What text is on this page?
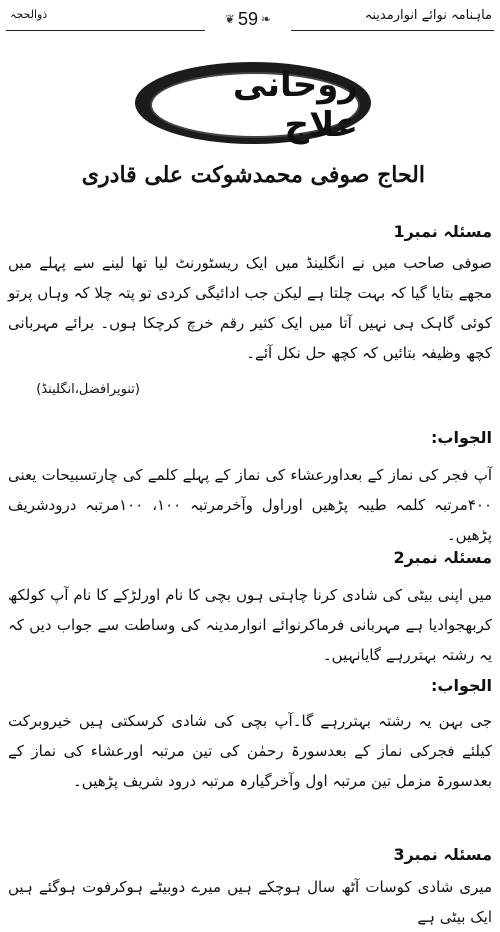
ماہنامہ نوائے انوارمدینہ
ذوالحجہ	❦ 59 ❧
روحانی علاج
الحاج صوفی محمدشوکت علی قادری
مسئلہ نمبر1
صوفی صاحب میں نے انگلینڈ میں ایک ریسٹورنٹ لیا تھا لینے سے پہلے میں مجھے بتایا گیا کہ بہت چلتا ہے لیکن جب ادائیگی کردی تو پتہ چلا کہ وہاں پرتو کوئی گاہک ہی نہیں آتا میں ایک کثیر رقم خرچ کرچکا ہوں۔ برائے مہربانی کچھ وظیفہ بتائیں کہ کچھ حل نکل آئے۔
(تنویرافضل،انگلینڈ)
الجواب:
آپ فجر کی نماز کے بعداورعشاء کی نماز کے پہلے کلمے کی چارتسبیحات یعنی ۴۰۰مرتبہ کلمہ طیبہ پڑھیں اوراول وآخرمرتبہ ۱۰۰، ۱۰۰مرتبہ درودشریف پڑھیں۔
مسئلہ نمبر2
میں اپنی بیٹی کی شادی کرنا چاہتی ہوں بچی کا نام اورلڑکے کا نام آپ کولکھ کربھجوادیا ہے مہربانی فرماکرنوائے انوارمدینہ کی وساطت سے جواب دیں کہ یہ رشتہ بہتررہے گایانہیں۔
الجواب:
جی بہن یہ رشتہ بہتررہے گا۔آپ بچی کی شادی کرسکتی ہیں خیروبرکت کیلئے فجرکی نماز کے بعدسورۃ رحمٰن کی تین مرتبہ اورعشاء کی نماز کے بعدسورۃ مزمل تین مرتبہ اول وآخرگیارہ مرتبہ درود شریف پڑھیں۔
مسئلہ نمبر3
میری شادی کوسات آٹھ سال ہوچکے ہیں میرے دوبیٹے ہوکرفوت ہوگئے ہیں ایک بیٹی ہے
